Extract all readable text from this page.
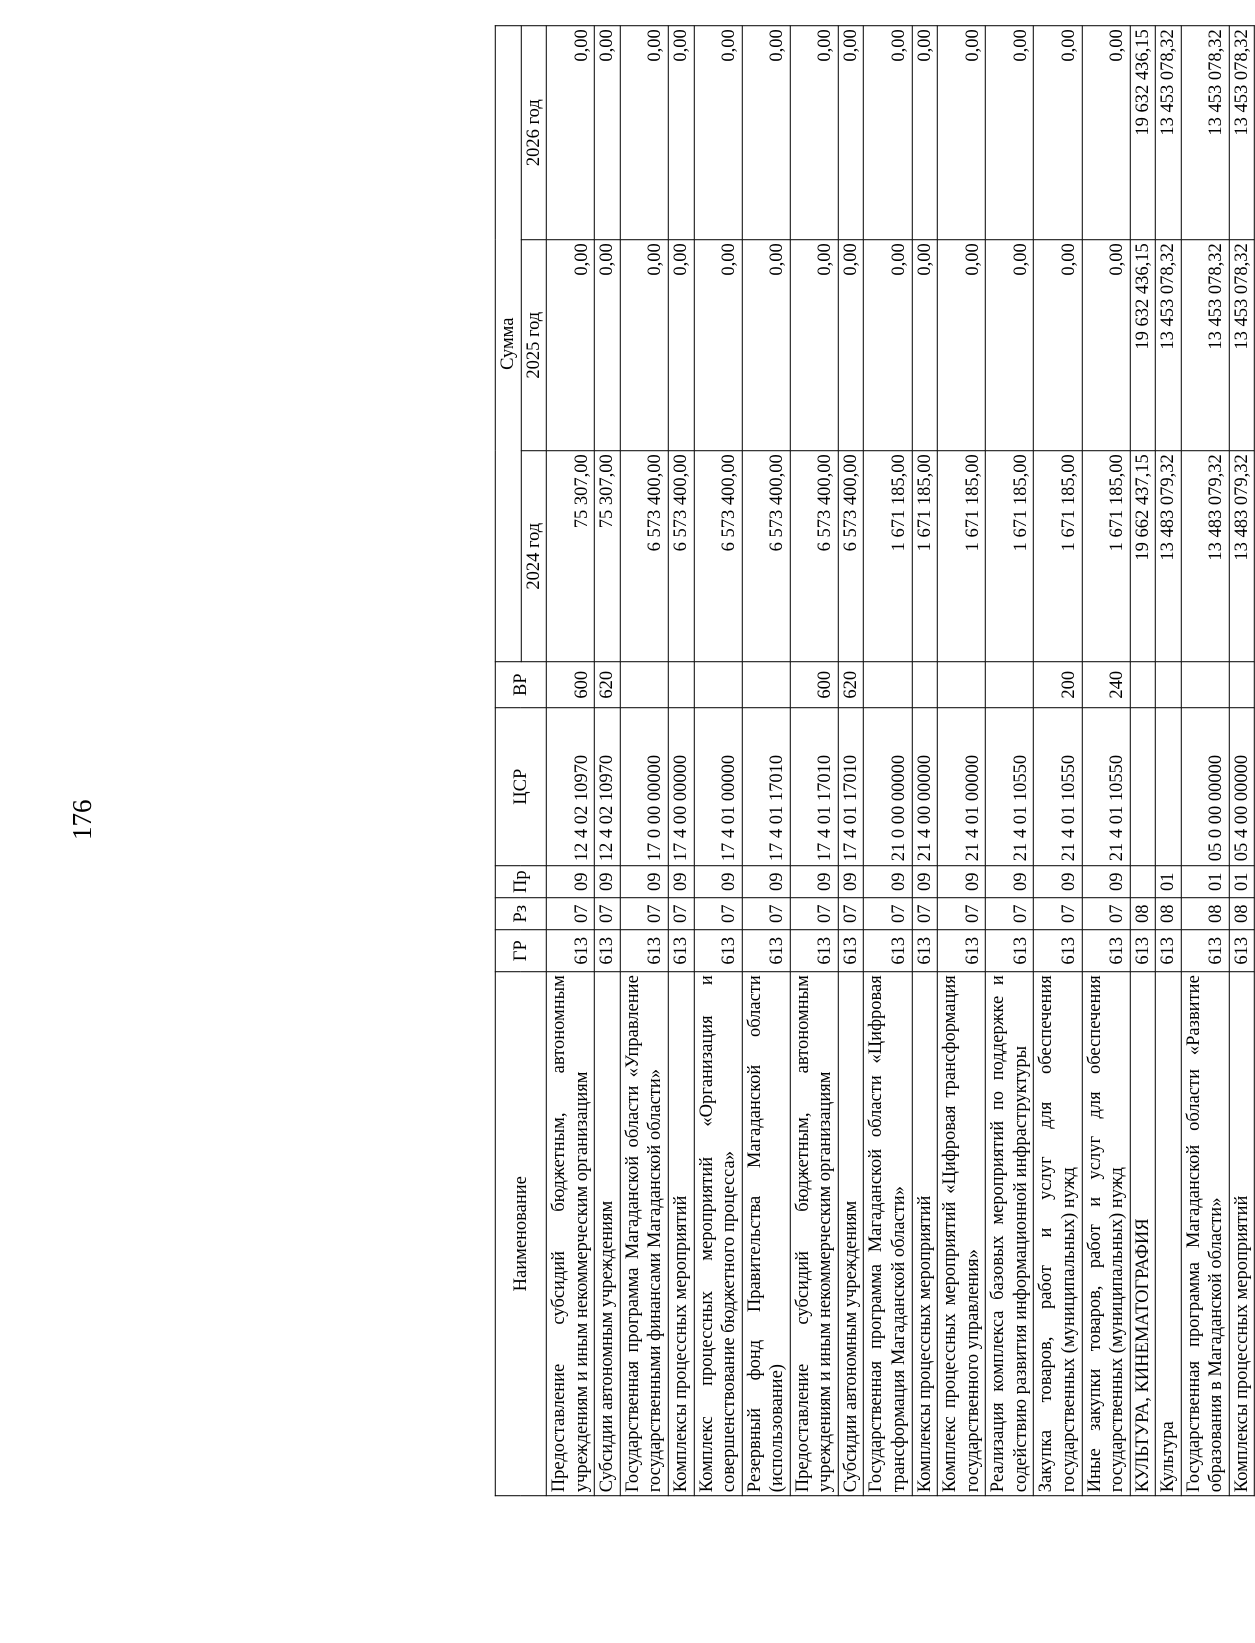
176
Наименование	ГР	Рз	Пр	ЦСР	ВР	Сумма		
						2024 год	2025 год	2026 год
Предоставление субсидий бюджетным, автономным учреждениям и иным некоммерческим организациям	613	07	09	12 4 02 10970	600	75 307,00	0,00	0,00
Субсидии автономным учреждениям	613	07	09	12 4 02 10970	620	75 307,00	0,00	0,00
Государственная программа Магаданской области «Управление государственными финансами Магаданской области»	613	07	09	17 0 00 00000		6 573 400,00	0,00	0,00
Комплексы процессных мероприятий	613	07	09	17 4 00 00000		6 573 400,00	0,00	0,00
Комплекс процессных мероприятий «Организация и совершенствование бюджетного процесса»	613	07	09	17 4 01 00000		6 573 400,00	0,00	0,00
Резервный фонд Правительства Магаданской области (использование)	613	07	09	17 4 01 17010		6 573 400,00	0,00	0,00
Предоставление субсидий бюджетным, автономным учреждениям и иным некоммерческим организациям	613	07	09	17 4 01 17010	600	6 573 400,00	0,00	0,00
Субсидии автономным учреждениям	613	07	09	17 4 01 17010	620	6 573 400,00	0,00	0,00
Государственная программа Магаданской области «Цифровая трансформация Магаданской области»	613	07	09	21 0 00 00000		1 671 185,00	0,00	0,00
Комплексы процессных мероприятий	613	07	09	21 4 00 00000		1 671 185,00	0,00	0,00
Комплекс процессных мероприятий «Цифровая трансформация государственного управления»	613	07	09	21 4 01 00000		1 671 185,00	0,00	0,00
Реализация комплекса базовых мероприятий по поддержке и содействию развития информационной инфраструктуры	613	07	09	21 4 01 10550		1 671 185,00	0,00	0,00
Закупка товаров, работ и услуг для обеспечения государственных (муниципальных) нужд	613	07	09	21 4 01 10550	200	1 671 185,00	0,00	0,00
Иные закупки товаров, работ и услуг для обеспечения государственных (муниципальных) нужд	613	07	09	21 4 01 10550	240	1 671 185,00	0,00	0,00
КУЛЬТУРА, КИНЕМАТОГРАФИЯ	613	08				19 662 437,15	19 632 436,15	19 632 436,15
Культура	613	08	01			13 483 079,32	13 453 078,32	13 453 078,32
Государственная программа Магаданской области «Развитие образования в Магаданской области»	613	08	01	05 0 00 00000		13 483 079,32	13 453 078,32	13 453 078,32
Комплексы процессных мероприятий	613	08	01	05 4 00 00000		13 483 079,32	13 453 078,32	13 453 078,32
